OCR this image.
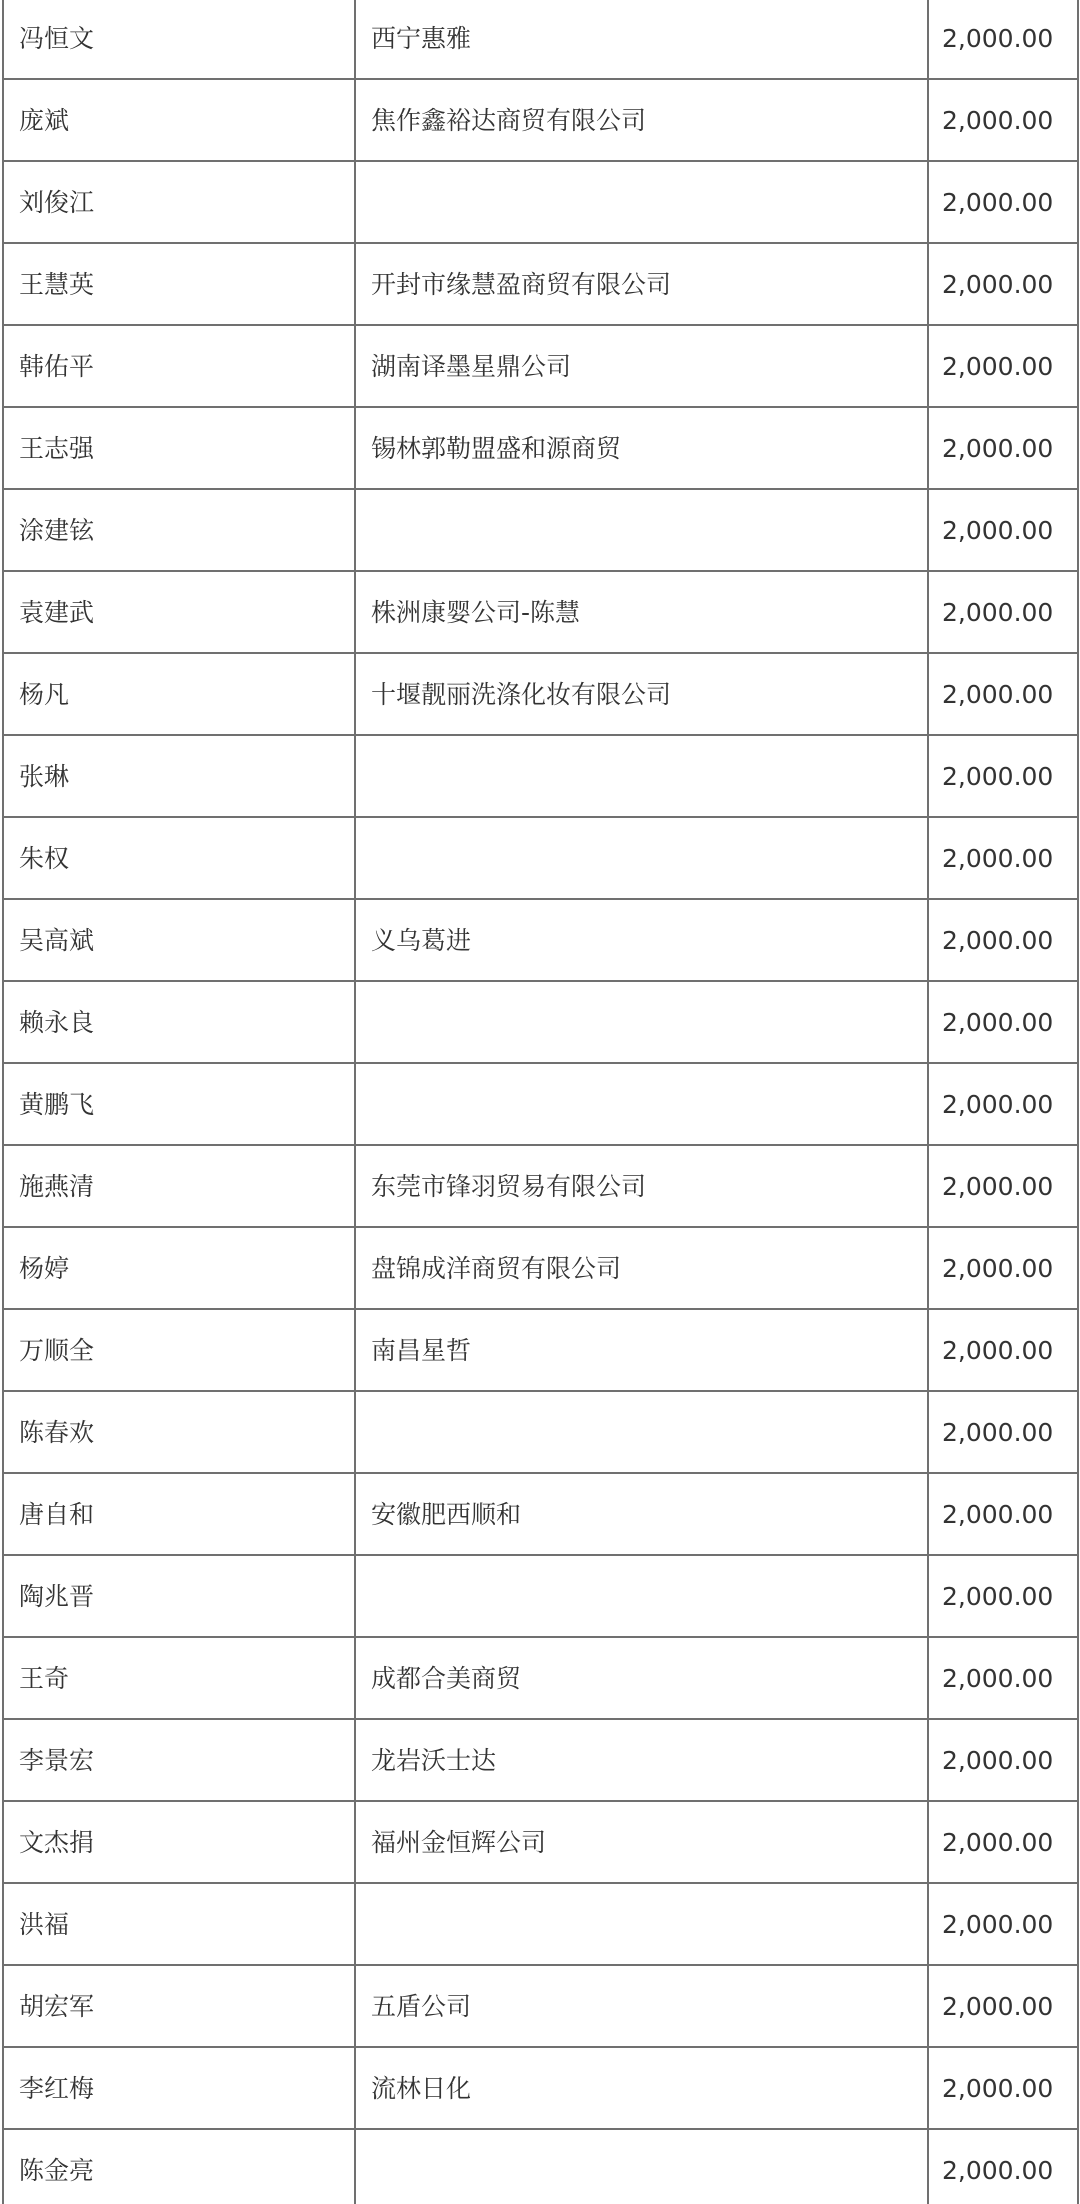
冯恒文	西宁惠雅	2,000.00
庞斌	焦作鑫裕达商贸有限公司	2,000.00
刘俊江		2,000.00
王慧英	开封市缘慧盈商贸有限公司	2,000.00
韩佑平	湖南译墨星鼎公司	2,000.00
王志强	锡林郭勒盟盛和源商贸	2,000.00
涂建铉		2,000.00
袁建武	株洲康婴公司-陈慧	2,000.00
杨凡	十堰靓丽洗涤化妆有限公司	2,000.00
张琳		2,000.00
朱权		2,000.00
吴高斌	义乌葛进	2,000.00
赖永良		2,000.00
黄鹏飞		2,000.00
施燕清	东莞市锋羽贸易有限公司	2,000.00
杨婷	盘锦成洋商贸有限公司	2,000.00
万顺全	南昌星哲	2,000.00
陈春欢		2,000.00
唐自和	安徽肥西顺和	2,000.00
陶兆晋		2,000.00
王奇	成都合美商贸	2,000.00
李景宏	龙岩沃士达	2,000.00
文杰捐	福州金恒辉公司	2,000.00
洪福		2,000.00
胡宏军	五盾公司	2,000.00
李红梅	流林日化	2,000.00
陈金亮		2,000.00
